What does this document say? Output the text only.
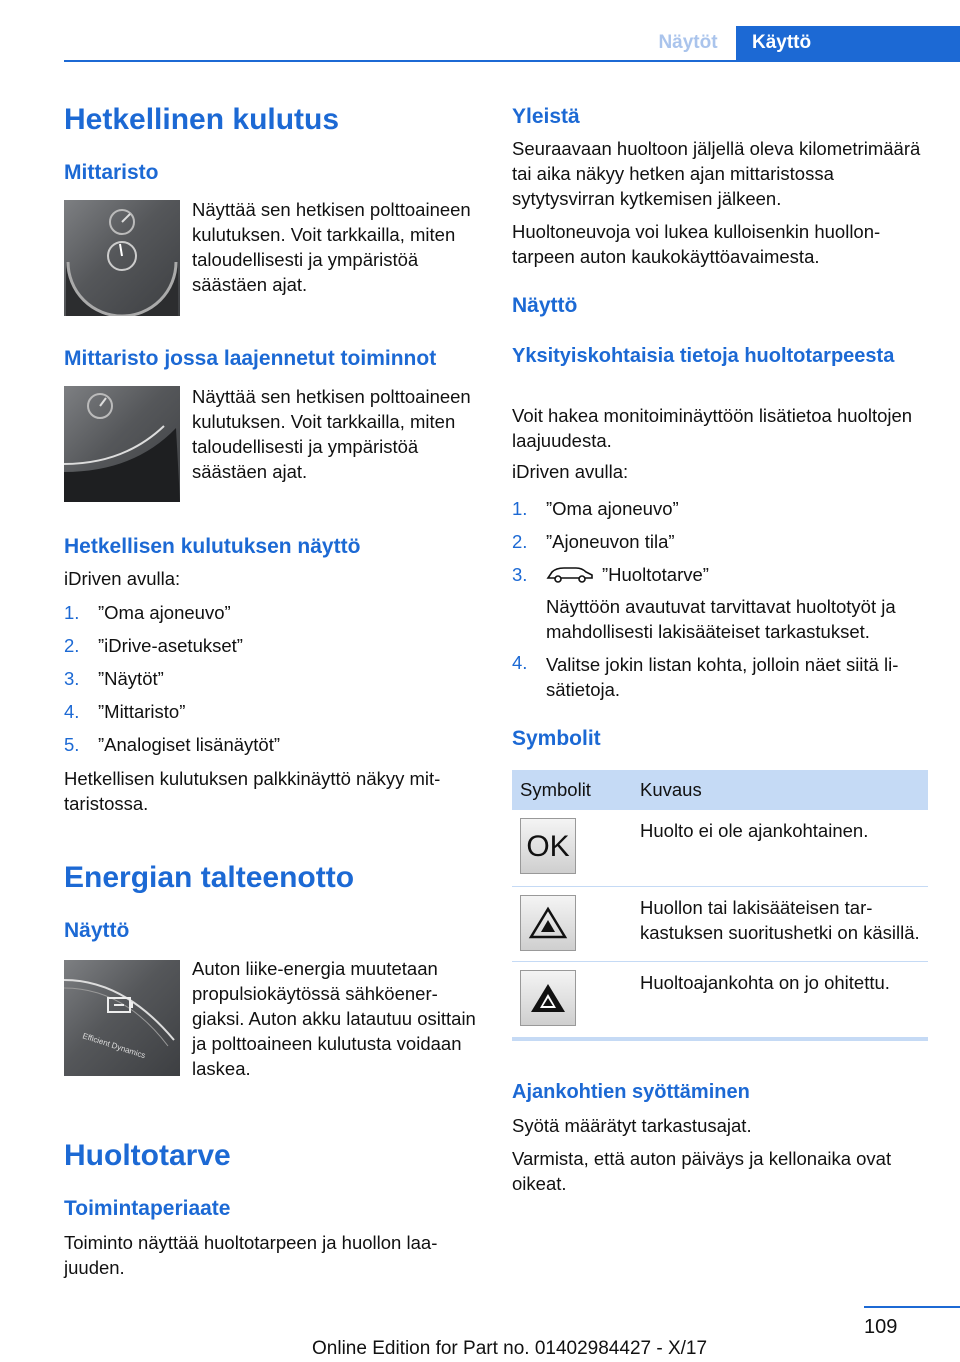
Näytöt	Käyttö
Hetkellinen kulutus
Mittaristo

Näyttää sen hetkisen polttoaineen kulutuksen. Voit tarkkailla, miten taloudellisesti ja ympäristöä säästäen ajat.

Mittaristo jossa laajennetut toiminnot

Näyttää sen hetkisen polttoaineen kulutuksen. Voit tarkkailla, miten taloudellisesti ja ympäristöä säästäen ajat.

Hetkellisen kulutuksen näyttö

iDriven avulla:

1. ”Oma ajoneuvo”
2. ”iDrive-asetukset”
3. ”Näytöt”
4. ”Mittaristo”
5. ”Analogiset lisänäytöt”

Hetkellisen kulutuksen palkkinäyttö näkyy mittaristossa.

Energian talteenotto
Näyttö
Efficient Dynamics

Auton liike-energia muutetaan propulsiokäytössä sähköenergiaksi. Auton akku latautuu osittain ja polttoaineen kulutusta voidaan laskea.

Huoltotarve
Toimintaperiaate

Toiminto näyttää huoltotarpeen ja huollon laajuuden.

Yleistä

Seuraavaan huoltoon jäljellä oleva kilometrimäärä tai aika näkyy hetken ajan mittaristossa sytytysvirran kytkemisen jälkeen.

Huoltoneuvoja voi lukea kulloisenkin huollontarpeen auton kaukokäyttöavaimesta.

Näyttö
Yksityiskohtaisia tietoja huoltotarpeesta

Voit hakea monitoiminäyttöön lisätietoa huoltojen laajuudesta.

iDriven avulla:

1. ”Oma ajoneuvo”
2. ”Ajoneuvon tila”
3.	”Huoltotarve”

Näyttöön avautuvat tarvittavat huoltotyöt ja mahdollisesti lakisääteiset tarkastukset.

4. Valitse jokin listan kohta, jolloin näet siitä lisätietoja.

Symbolit
Symbolit	Kuvaus

OK	Huolto ei ole ajankohtainen.

	Huollon tai lakisääteisen tarkastuksen suoritushetki on käsillä.

	Huoltoajankohta on jo ohitettu.
Ajankohtien syöttäminen

Syötä määrätyt tarkastusajat.

Varmista, että auton päiväys ja kellonaika ovat oikeat.

109
Online Edition for Part no. 01402984427 - X/17
